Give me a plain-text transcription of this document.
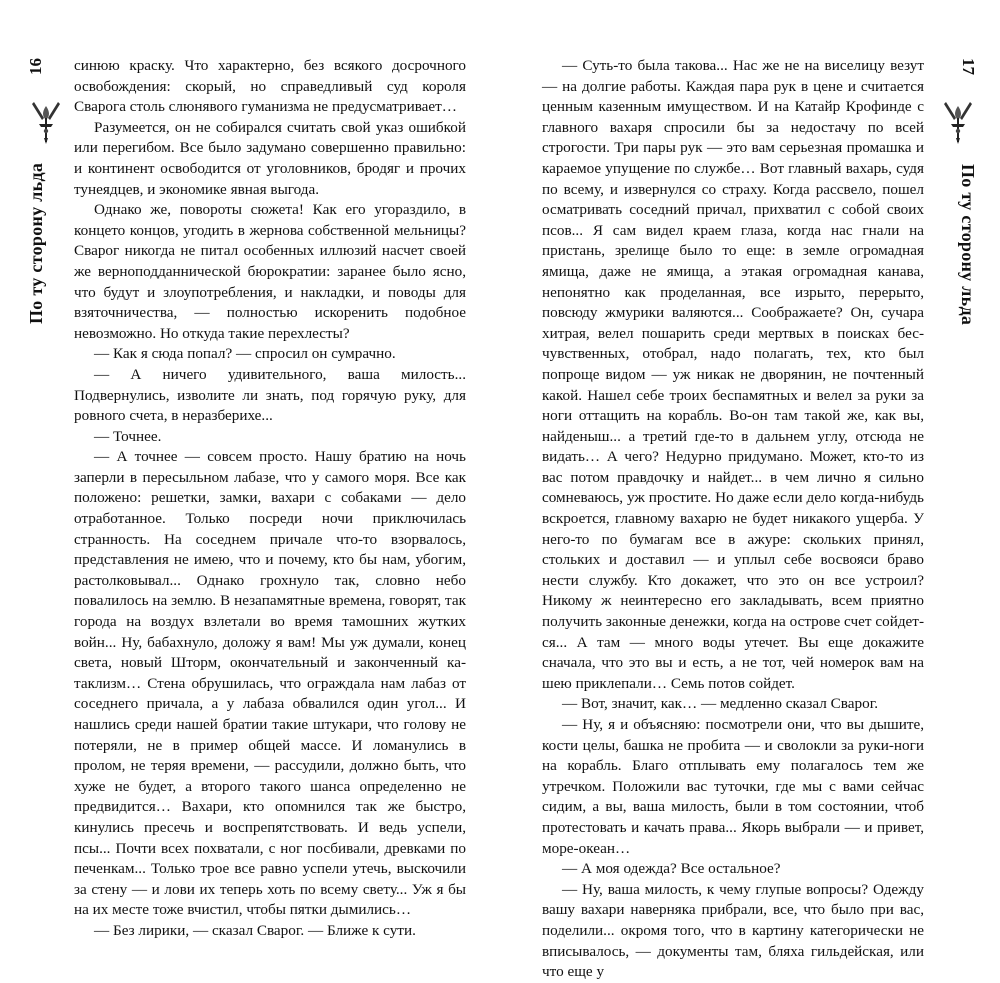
16
По ту сторону льда

синюю краску. Что характерно, без всякого досрочного освобождения: скорый, но справедливый суд короля Сварога столь слюнявого гуманизма не предусматривает…

Разумеется, он не собирался считать свой указ ошибкой или перегибом. Все было задумано совершенно правильно: и континент освободится от уголовников, бродяг и прочих тунеядцев, и экономике явная выгода.

Однако же, повороты сюжета! Как его угораздило, в концето концов, угодить в жернова собственной мельницы? Сварог никогда не питал особенных иллюзий насчет своей же верноподданнической бюрократии: заранее было ясно, что будут и злоупотребления, и накладки, и поводы для взяточничества, — полностью искоренить подобное невозможно. Но откуда такие перехлесты?

— Как я сюда попал? — спросил он сумрачно.

— А ничего удивительного, ваша милость... Подвернулись, изволите ли знать, под горячую руку, для ровного счета, в неразберихе...

— Точнее.

— А точнее — совсем просто. Нашу братию на ночь заперли в пересыльном лабазе, что у самого моря. Все как положено: решетки, замки, вахари с собаками — дело отработанное. Только посреди ночи приключилась странность. На соседнем причале что-то взорвалось, представления не имею, что и почему, кто бы нам, убогим, растолковывал... Однако грохнуло так, словно небо повалилось на землю. В незапамятные времена, говорят, так города на воздух взлетали во время тамошних жутких войн... Ну, бабахнуло, доложу я вам! Мы уж думали, конец света, новый Шторм, окончательный и законченный катаклизм… Стена обрушилась, что ограждала нам лабаз от соседнего причала, а у лабаза обвалился один угол... И нашлись среди нашей братии такие штукари, что голову не потеряли, не в пример общей массе. И ломанулись в пролом, не теряя времени, — рассудили, должно быть, что хуже не будет, а второго такого шанса определенно не предвидится… Вахари, кто опомнился так же быстро, кинулись пресечь и воспрепятствовать. И ведь успели, псы... Почти всех похватали, с ног посбивали, древками по печенкам... Только трое все равно успели утечь, выскочили за стену — и лови их теперь хоть по всему свету... Уж я бы на их месте тоже вчистил, чтобы пятки дымились…

— Без лирики, — сказал Сварог. — Ближе к сути.

— Суть-то была такова... Нас же не на виселицу везут — на долгие работы. Каждая пара рук в цене и считается ценным казенным имуществом. И на Катайр Крофинде с главного вахаря спросили бы за недостачу по всей строгости. Три пары рук — это вам серьезная промашка и караемое упущение по службе… Вот главный вахарь, судя по всему, и извернулся со страху. Когда рассвело, пошел осматривать соседний причал, прихватил с собой своих псов... Я сам видел краем глаза, когда нас гнали на пристань, зрелище было то еще: в земле огромадная ямища, даже не ямища, а этакая огромадная канава, непонятно как проделанная, все изрыто, перерыто, повсюду жмурики валяются... Соображаете? Он, сучара хитрая, велел пошарить среди мертвых в поисках бесчувственных, отобрал, надо полагать, тех, кто был попроще видом — уж никак не дворянин, не почтенный какой. Нашел себе троих беспамятных и велел за руки за ноги оттащить на корабль. Во-он там такой же, как вы, найденыш... а третий где-то в дальнем углу, отсюда не видать… А чего? Недурно придумано. Может, кто-то из вас потом правдочку и найдет... в чем лично я сильно сомневаюсь, уж простите. Но даже если дело когда-нибудь вскроется, главному вахарю не будет никакого ущерба. У него-то по бумагам все в ажуре: скольких принял, стольких и доставил — и уплыл себе восвояси браво нести службу. Кто докажет, что это он все устроил? Никому ж неинтересно его закладывать, всем приятно получить законные денежки, когда на острове счет сойдется... А там — много воды утечет. Вы еще докажите сначала, что это вы и есть, а не тот, чей номерок вам на шею приклепали… Семь потов сойдет.

— Вот, значит, как… — медленно сказал Сварог.

— Ну, я и объясняю: посмотрели они, что вы дышите, кости целы, башка не пробита — и сволокли за руки-ноги на корабль. Благо отплывать ему полагалось тем же утречком. Положили вас туточки, где мы с вами сейчас сидим, а вы, ваша милость, были в том состоянии, чтоб протестовать и качать права... Якорь выбрали — и привет, море-океан…

— А моя одежда? Все остальное?

— Ну, ваша милость, к чему глупые вопросы? Одежду вашу вахари наверняка прибрали, все, что было при вас, поделили... окромя того, что в картину категорически не вписывалось, — документы там, бляха гильдейская, или что еще у

17
По ту сторону льда
